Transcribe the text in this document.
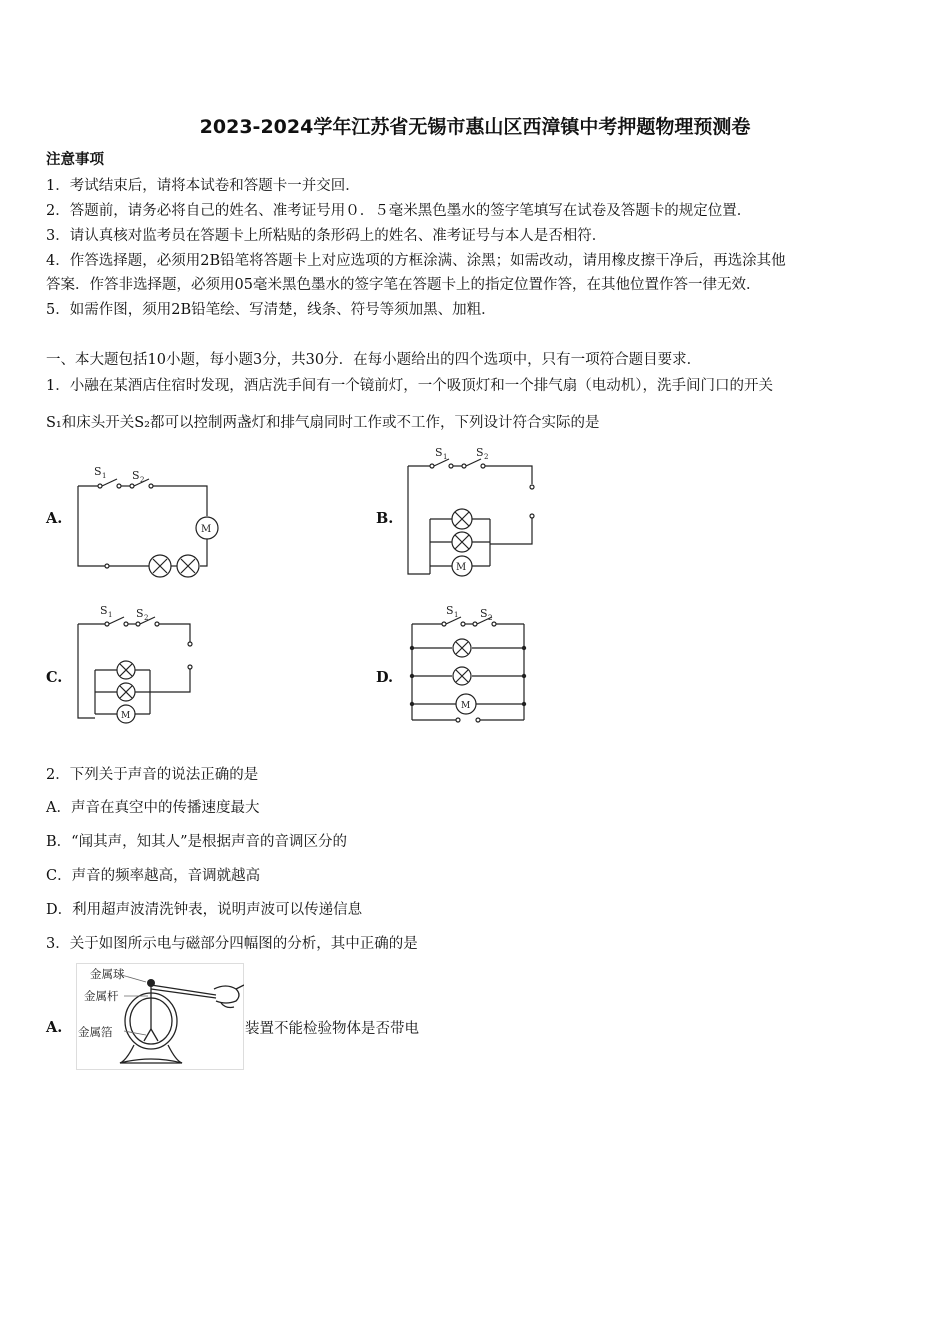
2023-2024学年江苏省无锡市惠山区西漳镇中考押题物理预测卷
注意事项
1．考试结束后，请将本试卷和答题卡一并交回．
2．答题前，请务必将自己的姓名、准考证号用０．５毫米黑色墨水的签字笔填写在试卷及答题卡的规定位置．
3．请认真核对监考员在答题卡上所粘贴的条形码上的姓名、准考证号与本人是否相符．
4．作答选择题，必须用2B铅笔将答题卡上对应选项的方框涂满、涂黑；如需改动，请用橡皮擦干净后，再选涂其他
答案．作答非选择题，必须用05毫米黑色墨水的签字笔在答题卡上的指定位置作答，在其他位置作答一律无效．
5．如需作图，须用2B铅笔绘、写清楚，线条、符号等须加黑、加粗．
一、本大题包括10小题，每小题3分，共30分．在每小题给出的四个选项中，只有一项符合题目要求．
1．小融在某酒店住宿时发现，酒店洗手间有一个镜前灯，一个吸顶灯和一个排气扇（电动机），洗手间门口的开关
S₁和床头开关S₂都可以控制两盏灯和排气扇同时工作或不工作，下列设计符合实际的是
A.	B.
C.	D.
S 1 S 2
M
S 1	S 2
M
S 1 S 2
M
S 1 S 2
M
2．下列关于声音的说法正确的是
A．声音在真空中的传播速度最大
B．“闻其声，知其人”是根据声音的音调区分的
C．声音的频率越高，音调就越高
D．利用超声波清洗钟表，说明声波可以传递信息
3．关于如图所示电与磁部分四幅图的分析，其中正确的是
A.
金属球
金属杆
金属箔	装置不能检验物体是否带电
